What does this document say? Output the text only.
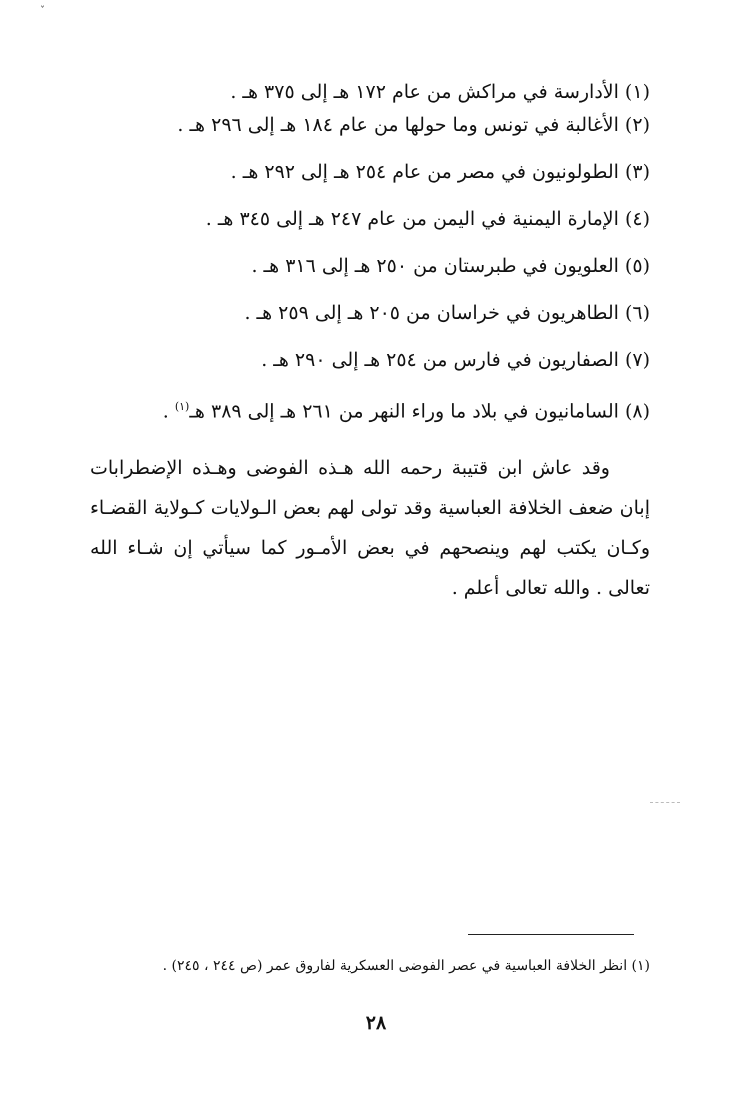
ˇ
(١) الأدارسة في مراكش من عام ١٧٢ هـ إلى ٣٧٥ هـ .
(٢) الأغالبة في تونس وما حولها من عام ١٨٤ هـ إلى ٢٩٦ هـ .
(٣) الطولونيون في مصر من عام ٢٥٤ هـ إلى ٢٩٢ هـ .
(٤) الإمارة اليمنية في اليمن من عام ٢٤٧ هـ إلى ٣٤٥ هـ .
(٥) العلويون في طبرستان من ٢٥٠ هـ إلى ٣١٦ هـ .
(٦) الطاهريون في خراسان من ٢٠٥ هـ إلى ٢٥٩ هـ .
(٧) الصفاريون في فارس من ٢٥٤ هـ إلى ٢٩٠ هـ .
(٨) السامانيون في بلاد ما وراء النهر من ٢٦١ هـ إلى ٣٨٩ هـ$^{(١)}$ .

وقد عاش ابن قتيبة رحمه الله هـذه الفوضى وهـذه الإضطرابات إبان ضعف الخلافة العباسية وقد تولى لهم بعض الـولايات كـولاية القضـاء وكـان يكتب لهم وينصحهم في بعض الأمـور كما سيأتي إن شـاء الله تعالى . والله تعالى أعلم .

(١) انظر الخلافة العباسية في عصر الفوضى العسكرية لفاروق عمر (ص ٢٤٤ ، ٢٤٥) .
٢٨
